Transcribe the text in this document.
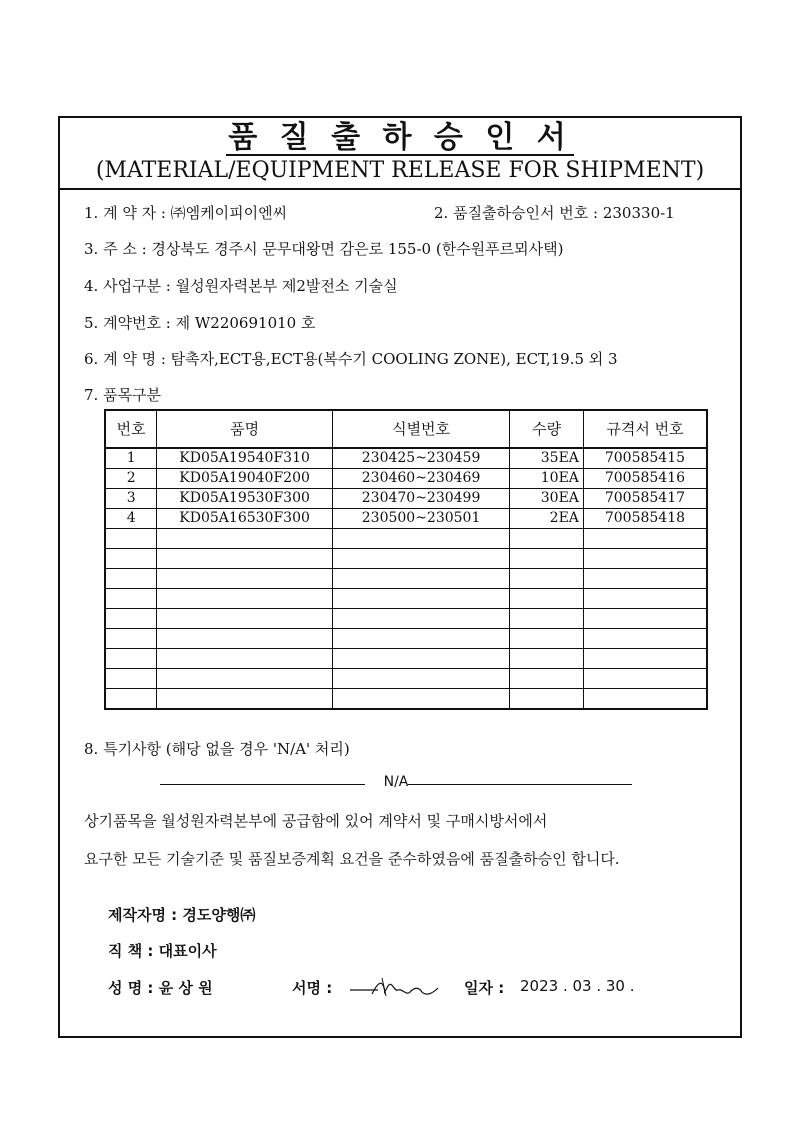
품 질 출 하 승 인 서
(MATERIAL/EQUIPMENT RELEASE FOR SHIPMENT)
1. 계 약 자 : ㈜엠케이피이엔씨	2. 품질출하승인서 번호 : 230330-1
3. 주 소 : 경상북도 경주시 문무대왕면 감은로 155-0 (한수원푸르뫼사택)
4. 사업구분 : 월성원자력본부 제2발전소 기술실
5. 계약번호 : 제 W220691010 호
6. 계 약 명 : 탐촉자,ECT용,ECT용(복수기 COOLING ZONE), ECT,19.5 외 3
7. 품목구분
번호	품명	식별번호	수량	규격서 번호
1	KD05A19540F310	230425~230459	35EA	700585415
2	KD05A19040F200	230460~230469	10EA	700585416
3	KD05A19530F300	230470~230499	30EA	700585417
4	KD05A16530F300	230500~230501	2EA	700585418

8. 특기사항 (해당 없을 경우 'N/A' 처리)
N/A
상기품목을 월성원자력본부에 공급함에 있어 계약서 및 구매시방서에서
요구한 모든 기술기준 및 품질보증계획 요건을 준수하였음에 품질출하승인 합니다.
제작자명 : 경도양행㈜
직 책 : 대표이사
성 명 : 윤 상 원	서명 :	일자 : 2023 . 03 . 30 .
